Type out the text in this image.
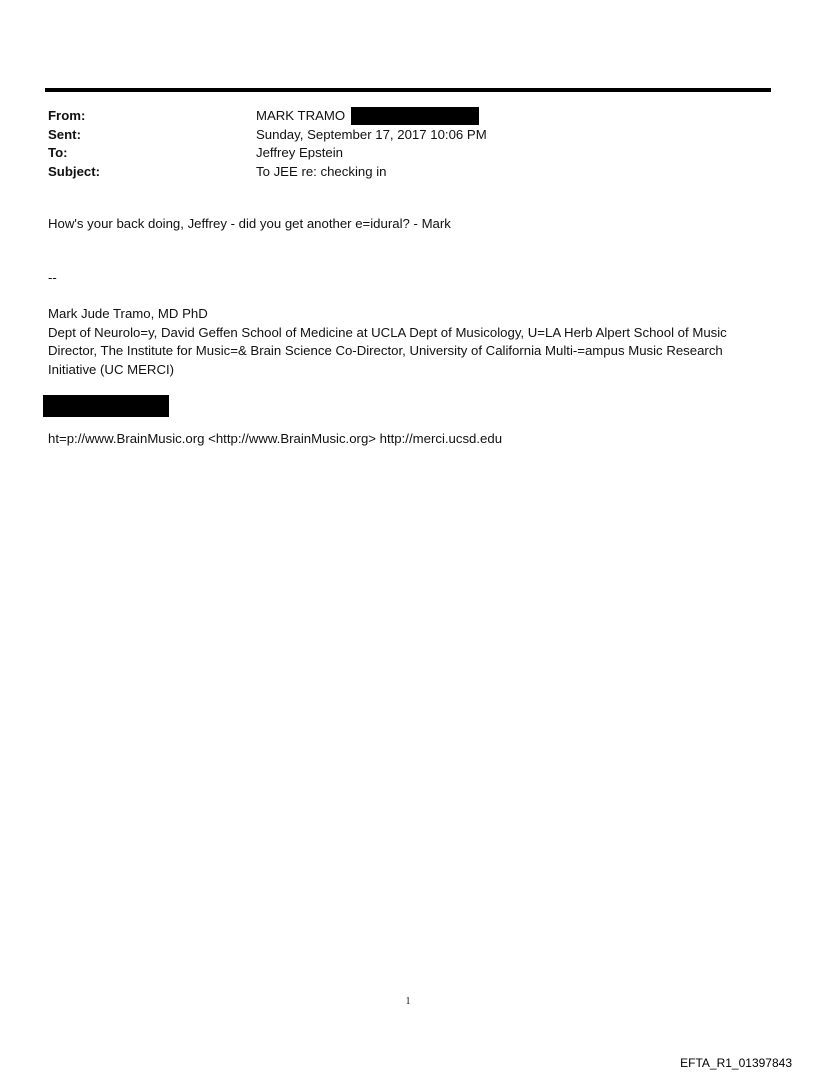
From:	MARK TRAMO
Sent:	Sunday, September 17, 2017 10:06 PM
To:	Jeffrey Epstein
Subject:	To JEE re: checking in
How's your back doing, Jeffrey - did you get another e=idural? - Mark
--
Mark Jude Tramo, MD PhD
Dept of Neurolo=y, David Geffen School of Medicine at UCLA Dept of Musicology, U=LA Herb Alpert School of Music
Director, The Institute for Music=& Brain Science Co-Director, University of California Multi-=ampus Music Research
Initiative (UC MERCI)
ht=p://www.BrainMusic.org <http://www.BrainMusic.org> http://merci.ucsd.edu
1
EFTA_R1_01397843
